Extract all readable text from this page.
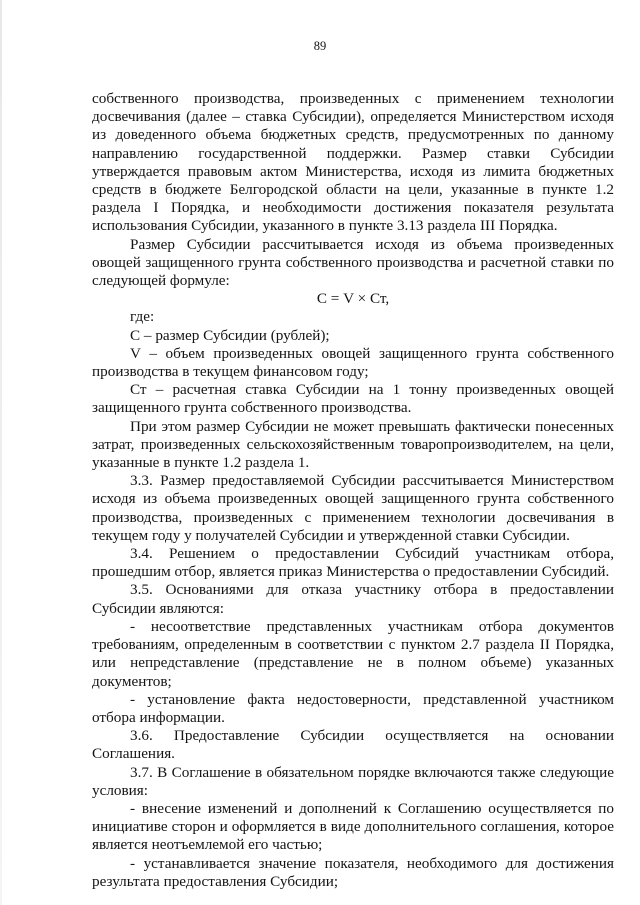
89

собственного производства, произведенных с применением технологии досвечивания (далее – ставка Субсидии), определяется Министерством исходя из доведенного объема бюджетных средств, предусмотренных по данному направлению государственной поддержки. Размер ставки Субсидии утверждается правовым актом Министерства, исходя из лимита бюджетных средств в бюджете Белгородской области на цели, указанные в пункте 1.2 раздела I Порядка, и необходимости достижения показателя результата использования Субсидии, указанного в пункте 3.13 раздела III Порядка.

Размер Субсидии рассчитывается исходя из объема произведенных овощей защищенного грунта собственного производства и расчетной ставки по следующей формуле:

С = V × Ст,

где:

С – размер Субсидии (рублей);

V – объем произведенных овощей защищенного грунта собственного производства в текущем финансовом году;

Ст – расчетная ставка Субсидии на 1 тонну произведенных овощей защищенного грунта собственного производства.

При этом размер Субсидии не может превышать фактически понесенных затрат, произведенных сельскохозяйственным товаропроизводителем, на цели, указанные в пункте 1.2 раздела 1.

3.3. Размер предоставляемой Субсидии рассчитывается Министерством исходя из объема произведенных овощей защищенного грунта собственного производства, произведенных с применением технологии досвечивания в текущем году у получателей Субсидии и утвержденной ставки Субсидии.

3.4. Решением о предоставлении Субсидий участникам отбора, прошедшим отбор, является приказ Министерства о предоставлении Субсидий.

3.5. Основаниями для отказа участнику отбора в предоставлении Субсидии являются:

- несоответствие представленных участникам отбора документов требованиям, определенным в соответствии с пунктом 2.7 раздела II Порядка, или непредставление (представление не в полном объеме) указанных документов;

- установление факта недостоверности, представленной участником отбора информации.

3.6. Предоставление Субсидии осуществляется на основании Соглашения.

3.7. В Соглашение в обязательном порядке включаются также следующие условия:

- внесение изменений и дополнений к Соглашению осуществляется по инициативе сторон и оформляется в виде дополнительного соглашения, которое является неотъемлемой его частью;

- устанавливается значение показателя, необходимого для достижения результата предоставления Субсидии;
